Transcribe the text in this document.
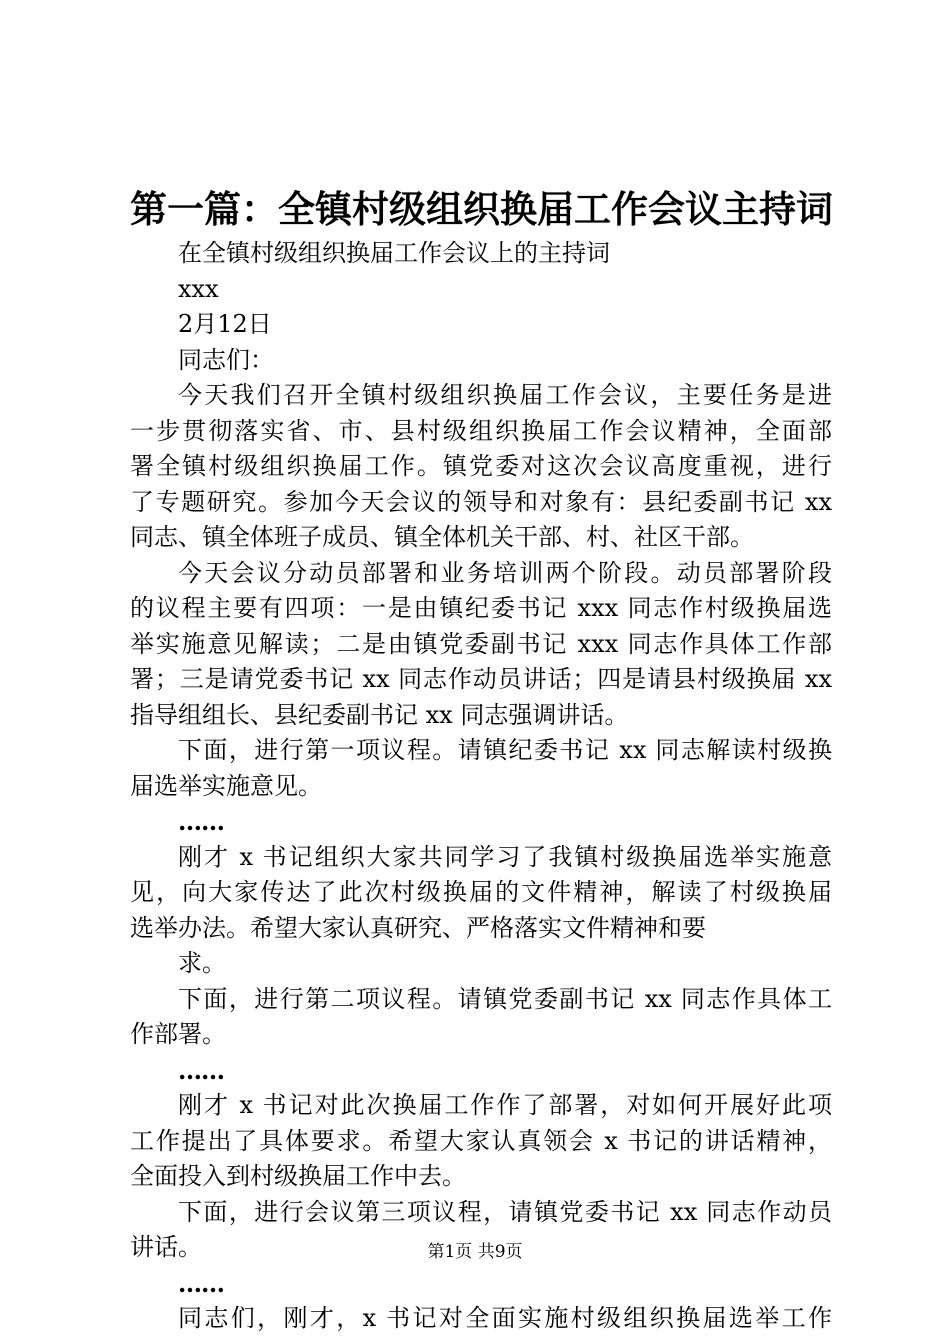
第一篇：全镇村级组织换届工作会议主持词
在全镇村级组织换届工作会议上的主持词
xxx
2月12日
同志们：
今天我们召开全镇村级组织换届工作会议，主要任务是进
一步贯彻落实省、市、县村级组织换届工作会议精神，全面部
署全镇村级组织换届工作。镇党委对这次会议高度重视，进行
了专题研究。参加今天会议的领导和对象有：县纪委副书记 xx
同志、镇全体班子成员、镇全体机关干部、村、社区干部。
今天会议分动员部署和业务培训两个阶段。动员部署阶段
的议程主要有四项：一是由镇纪委书记 xxx 同志作村级换届选
举实施意见解读；二是由镇党委副书记 xxx 同志作具体工作部
署；三是请党委书记 xx 同志作动员讲话；四是请县村级换届 xx
指导组组长、县纪委副书记 xx 同志强调讲话。
下面，进行第一项议程。请镇纪委书记 xx 同志解读村级换
届选举实施意见。
……
刚才 x 书记组织大家共同学习了我镇村级换届选举实施意
见，向大家传达了此次村级换届的文件精神，解读了村级换届
选举办法。希望大家认真研究、严格落实文件精神和要
求。
下面，进行第二项议程。请镇党委副书记 xx 同志作具体工
作部署。
……
刚才 x 书记对此次换届工作作了部署，对如何开展好此项
工作提出了具体要求。希望大家认真领会 x 书记的讲话精神，
全面投入到村级换届工作中去。
下面，进行会议第三项议程，请镇党委书记 xx 同志作动员
讲话。
……
同志们，刚才，x 书记对全面实施村级组织换届选举工作
第1页 共9页
